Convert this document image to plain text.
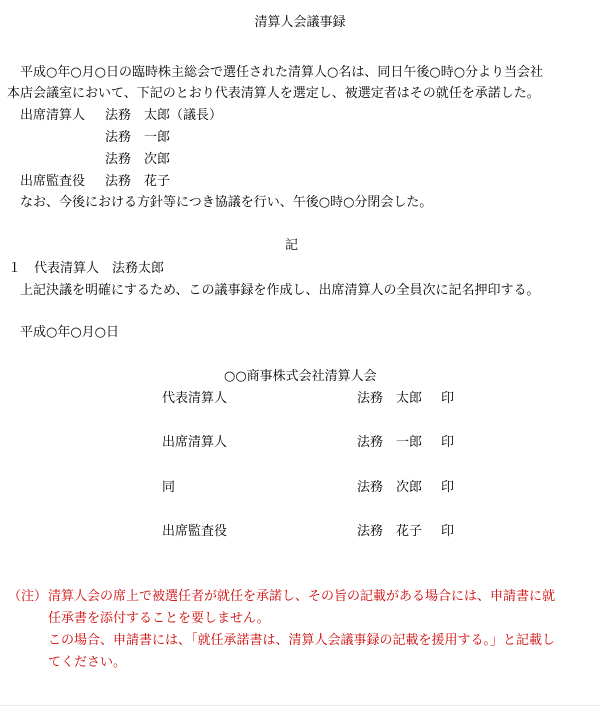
清算人会議事録
平成○年○月○日の臨時株主総会で選任された清算人○名は、同日午後○時○分より当会社
本店会議室において、下記のとおり代表清算人を選定し、被選定者はその就任を承諾した。
出席清算人 法務　太郎（議長）
法務　一郎
法務　次郎
出席監査役 法務　花子
なお、今後における方針等につき協議を行い、午後○時○分閉会した。
記
１　代表清算人　法務太郎
上記決議を明確にするため、この議事録を作成し、出席清算人の全員次に記名押印する。
平成○年○月○日
○○商事株式会社清算人会
代表清算人	法務　太郎 印
出席清算人	法務　一郎 印
同	法務　次郎 印
出席監査役	法務　花子 印
（注） 清算人会の席上で被選任者が就任を承諾し、その旨の記載がある場合には、申請書に就
任承書を添付することを要しません。
この場合、申請書には、「就任承諾書は、清算人会議事録の記載を援用する。」と記載し
てください。
